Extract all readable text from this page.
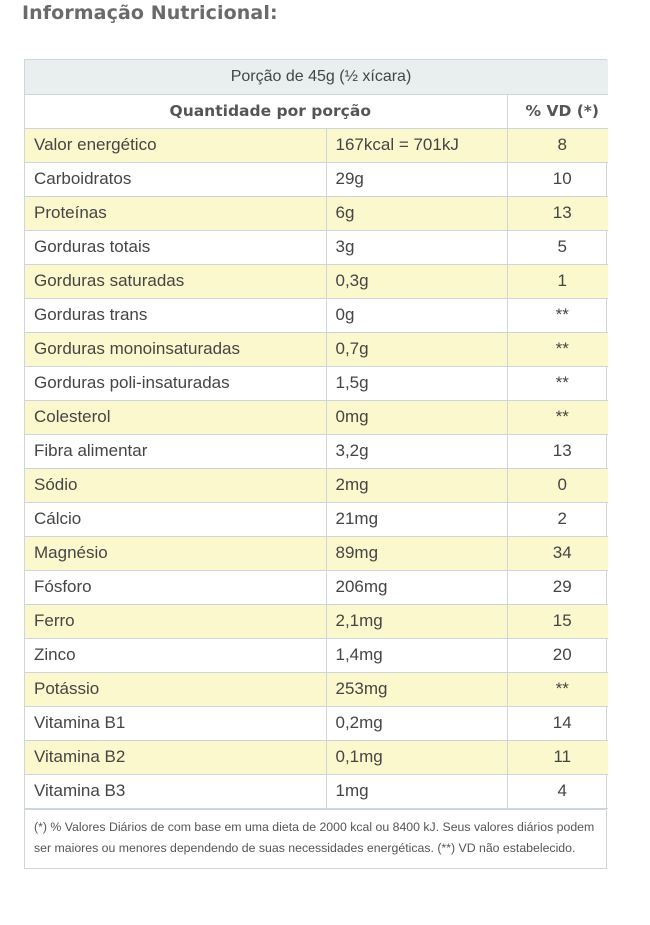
Informação Nutricional:
Porção de 45g (½ xícara)		
Quantidade por porção		% VD (*)
Valor energético	167kcal = 701kJ	8
Carboidratos	29g	10
Proteínas	6g	13
Gorduras totais	3g	5
Gorduras saturadas	0,3g	1
Gorduras trans	0g	**
Gorduras monoinsaturadas	0,7g	**
Gorduras poli-insaturadas	1,5g	**
Colesterol	0mg	**
Fibra alimentar	3,2g	13
Sódio	2mg	0
Cálcio	21mg	2
Magnésio	89mg	34
Fósforo	206mg	29
Ferro	2,1mg	15
Zinco	1,4mg	20
Potássio	253mg	**
Vitamina B1	0,2mg	14
Vitamina B2	0,1mg	11
Vitamina B3	1mg	4
(*) % Valores Diários de com base em uma dieta de 2000 kcal ou 8400 kJ. Seus valores diários podem ser maiores ou menores dependendo de suas necessidades energéticas. (**) VD não estabelecido.
